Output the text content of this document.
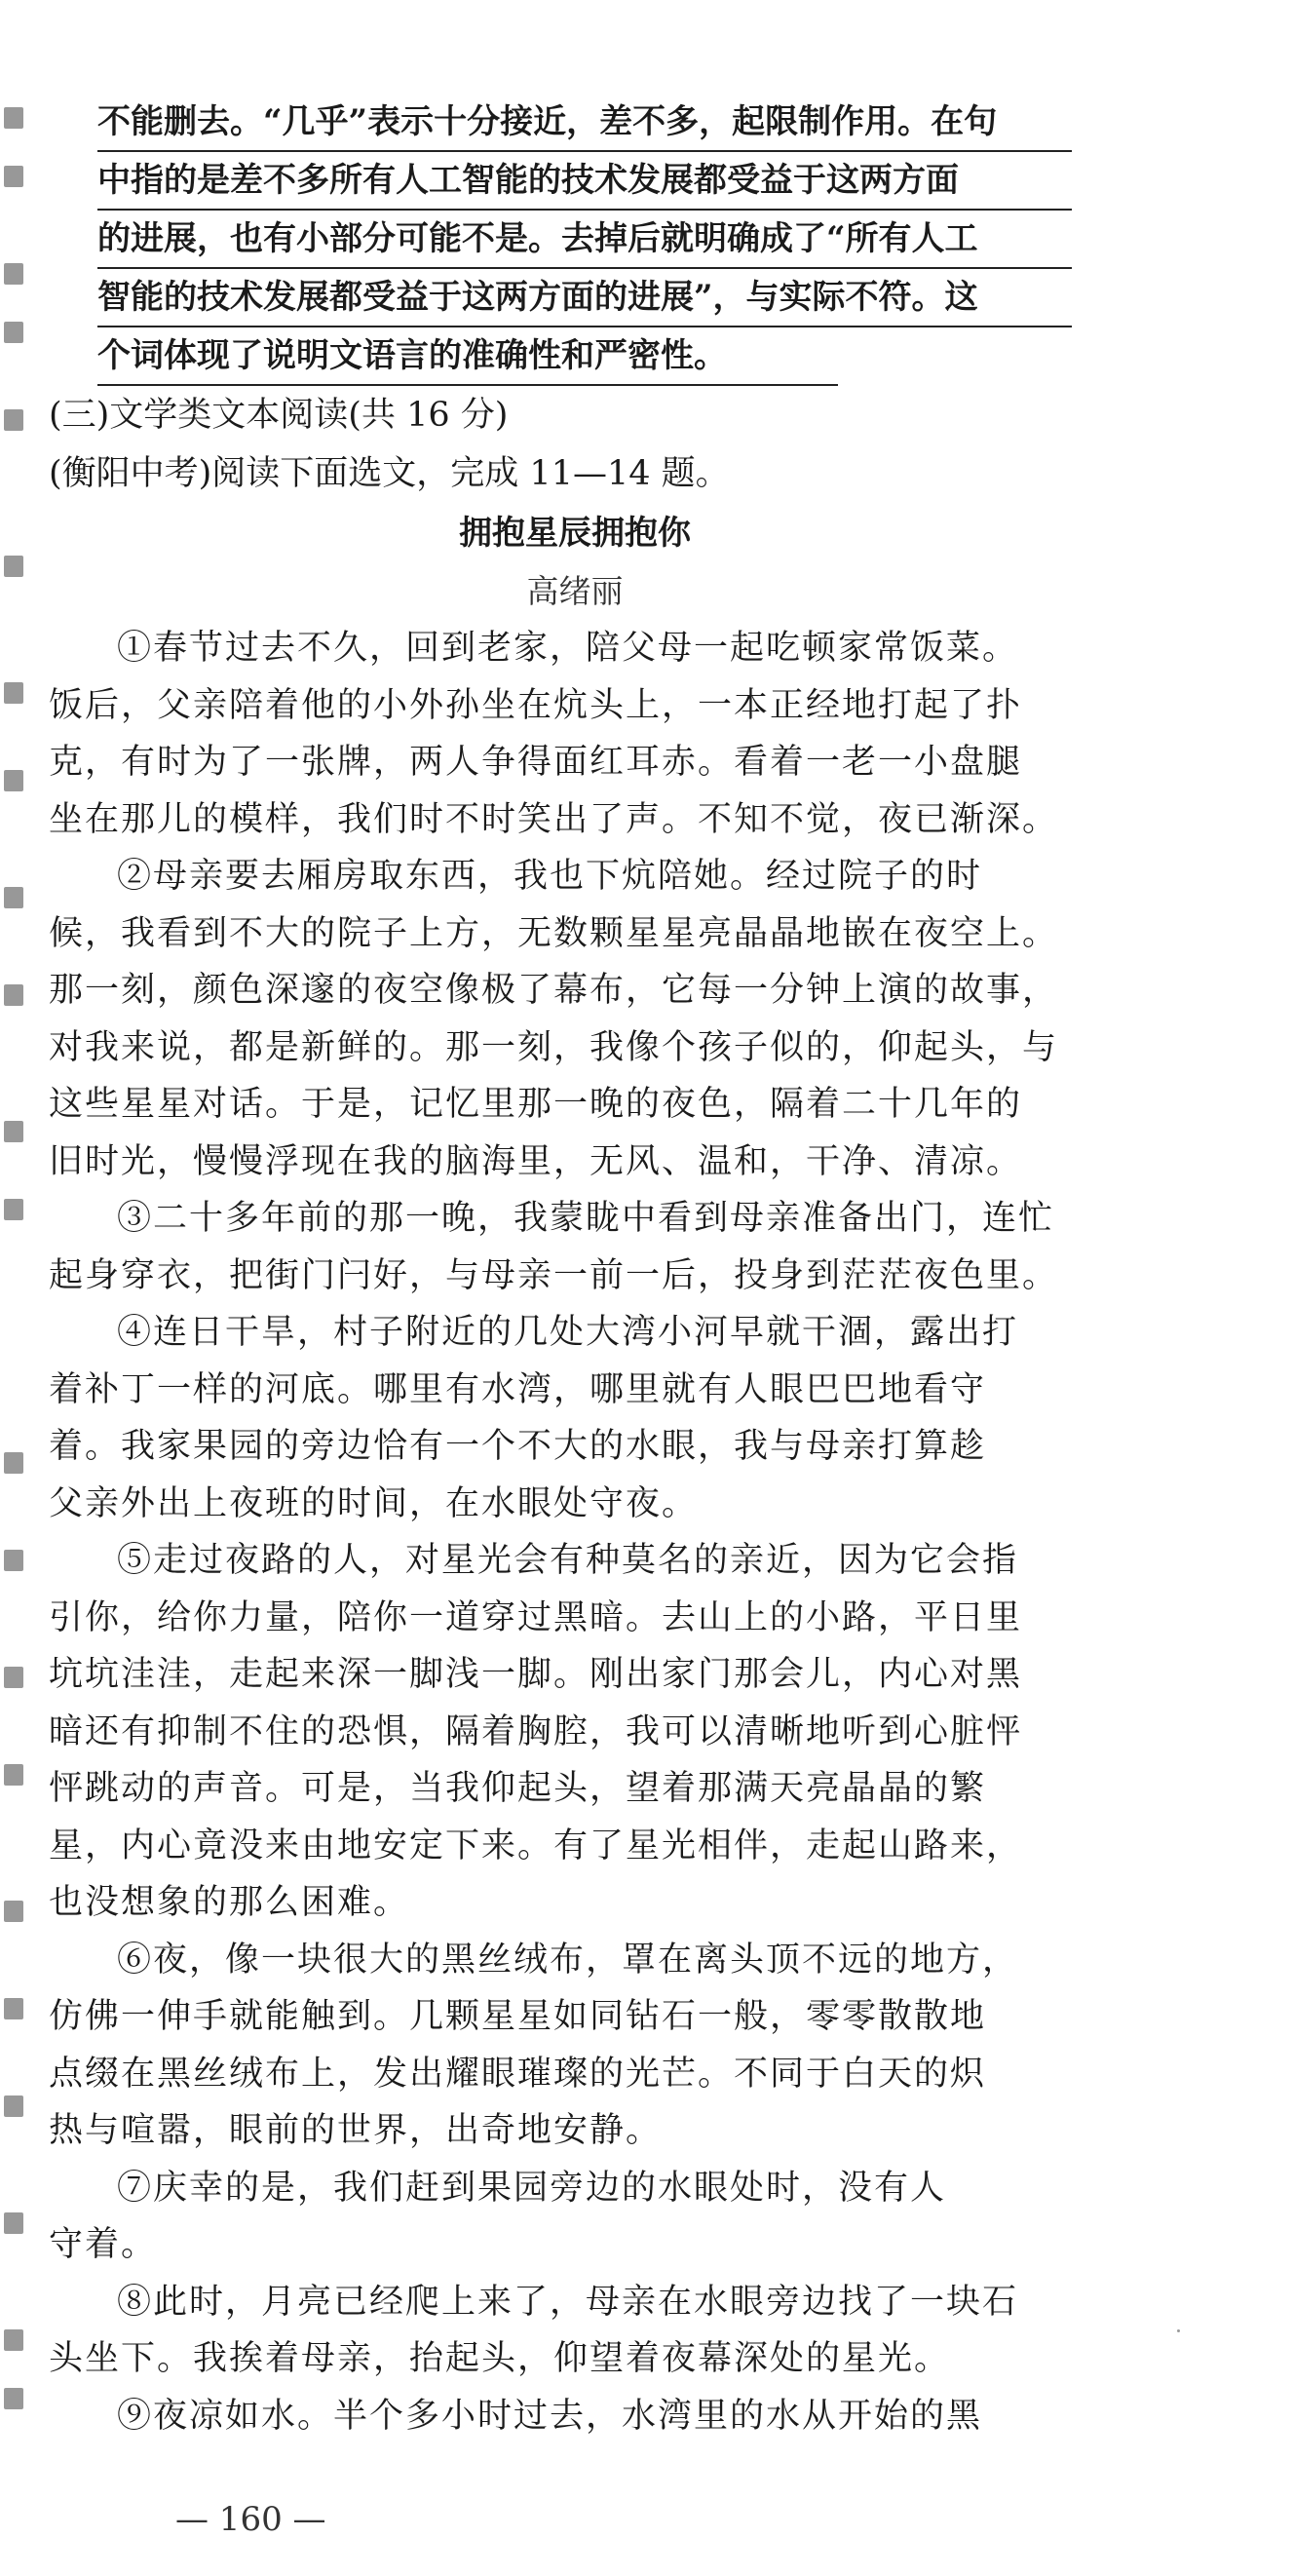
不能删去。“几乎”表示十分接近，差不多，起限制作用。在句
中指的是差不多所有人工智能的技术发展都受益于这两方面
的进展，也有小部分可能不是。去掉后就明确成了“所有人工
智能的技术发展都受益于这两方面的进展”，与实际不符。这
个词体现了说明文语言的准确性和严密性。
(三)文学类文本阅读(共 16 分)
(衡阳中考)阅读下面选文，完成 11—14 题。
拥抱星辰拥抱你
高绪丽
①春节过去不久，回到老家，陪父母一起吃顿家常饭菜。
饭后，父亲陪着他的小外孙坐在炕头上，一本正经地打起了扑
克，有时为了一张牌，两人争得面红耳赤。看着一老一小盘腿
坐在那儿的模样，我们时不时笑出了声。不知不觉，夜已渐深。
②母亲要去厢房取东西，我也下炕陪她。经过院子的时
候，我看到不大的院子上方，无数颗星星亮晶晶地嵌在夜空上。
那一刻，颜色深邃的夜空像极了幕布，它每一分钟上演的故事，
对我来说，都是新鲜的。那一刻，我像个孩子似的，仰起头，与
这些星星对话。于是，记忆里那一晚的夜色，隔着二十几年的
旧时光，慢慢浮现在我的脑海里，无风、温和，干净、清凉。
③二十多年前的那一晚，我蒙眬中看到母亲准备出门，连忙
起身穿衣，把街门闩好，与母亲一前一后，投身到茫茫夜色里。
④连日干旱，村子附近的几处大湾小河早就干涸，露出打
着补丁一样的河底。哪里有水湾，哪里就有人眼巴巴地看守
着。我家果园的旁边恰有一个不大的水眼，我与母亲打算趁
父亲外出上夜班的时间，在水眼处守夜。
⑤走过夜路的人，对星光会有种莫名的亲近，因为它会指
引你，给你力量，陪你一道穿过黑暗。去山上的小路，平日里
坑坑洼洼，走起来深一脚浅一脚。刚出家门那会儿，内心对黑
暗还有抑制不住的恐惧，隔着胸腔，我可以清晰地听到心脏怦
怦跳动的声音。可是，当我仰起头，望着那满天亮晶晶的繁
星，内心竟没来由地安定下来。有了星光相伴，走起山路来，
也没想象的那么困难。
⑥夜，像一块很大的黑丝绒布，罩在离头顶不远的地方，
仿佛一伸手就能触到。几颗星星如同钻石一般，零零散散地
点缀在黑丝绒布上，发出耀眼璀璨的光芒。不同于白天的炽
热与喧嚣，眼前的世界，出奇地安静。
⑦庆幸的是，我们赶到果园旁边的水眼处时，没有人
守着。
⑧此时，月亮已经爬上来了，母亲在水眼旁边找了一块石
头坐下。我挨着母亲，抬起头，仰望着夜幕深处的星光。
⑨夜凉如水。半个多小时过去，水湾里的水从开始的黑
— 160 —
